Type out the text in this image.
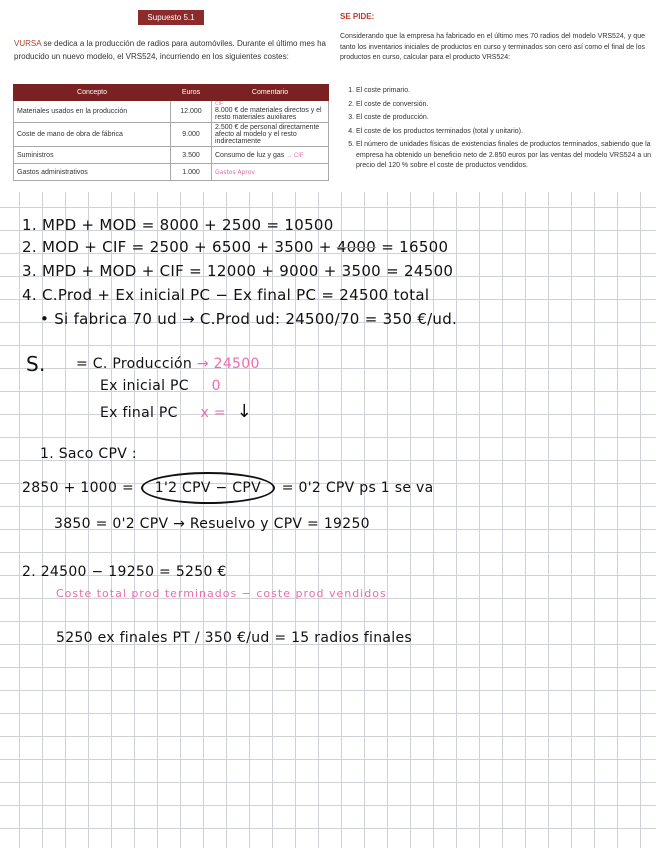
Supuesto 5.1
VURSA se dedica a la producción de radios para automóviles. Durante el último mes ha producido un nuevo modelo, el VRS524, incurriendo en los siguientes costes:
Concepto	Euros	Comentario
Materiales usados en la producción	12.000	CIF
8.000 € de materiales directos y el resto materiales auxiliares
Coste de mano de obra de fábrica	9.000	2.500 € de personal directamente afecto al modelo y el resto indirectamente
Suministros	3.500	Consumo de luz y gas → CIF
Gastos administrativos	1.000	Gastos Aprov
SE PIDE:
Considerando que la empresa ha fabricado en el último mes 70 radios del modelo VRS524, y que tanto los inventarios iniciales de productos en curso y terminados son cero así como el final de los productos en curso, calcular para el producto VRS524:
1. El coste primario.
2. El coste de conversión.
3. El coste de producción.
4. El coste de los productos terminados (total y unitario).
5. El número de unidades físicas de existencias finales de productos terminados, sabiendo que la empresa ha obtenido un beneficio neto de 2.850 euros por las ventas del modelo VRS524 a un precio del 120 % sobre el coste de productos vendidos.
1. MPD + MOD = 8000 + 2500 = 10500
2. MOD + CIF = 2500 + 6500 + 3500 + 4000 = 16500
3. MPD + MOD + CIF = 12000 + 9000 + 3500 = 24500
4. C.Prod + Ex inicial PC − Ex final PC = 24500 total
• Si fabrica 70 ud → C.Prod ud: 24500/70 = 350 €/ud.
S. = C. Producción → 24500
Ex inicial PC 0
Ex final PC x = ↓
1. Saco CPV :
2850 + 1000 = 1'2 CPV − CPV = 0'2 CPV ps 1 se va
3850 = 0'2 CPV → Resuelvo y CPV = 19250
2. 24500 − 19250 = 5250 €
Coste total prod terminados − coste prod vendidos
5250 ex finales PT / 350 €/ud = 15 radios finales
